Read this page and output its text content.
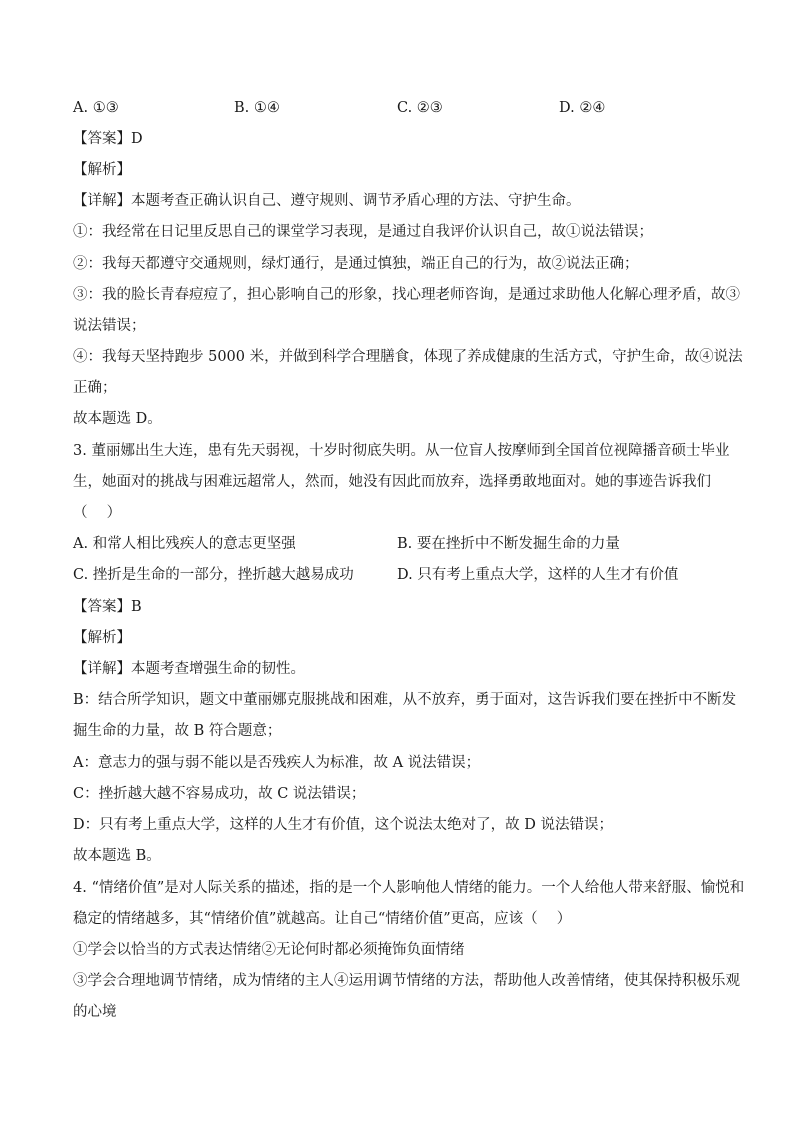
A. ①③	B. ①④	C. ②③	D. ②④
【答案】D
【解析】
【详解】本题考查正确认识自己、遵守规则、调节矛盾心理的方法、守护生命。
①：我经常在日记里反思自己的课堂学习表现，是通过自我评价认识自己，故①说法错误；
②：我每天都遵守交通规则，绿灯通行，是通过慎独，端正自己的行为，故②说法正确；
③：我的脸长青春痘痘了，担心影响自己的形象，找心理老师咨询，是通过求助他人化解心理矛盾，故③
说法错误；
④：我每天坚持跑步 5000 米，并做到科学合理膳食，体现了养成健康的生活方式，守护生命，故④说法
正确；
故本题选 D。
3. 董丽娜出生大连，患有先天弱视，十岁时彻底失明。从一位盲人按摩师到全国首位视障播音硕士毕业
生，她面对的挑战与困难远超常人，然而，她没有因此而放弃，选择勇敢地面对。她的事迹告诉我们
（　 ）
A. 和常人相比残疾人的意志更坚强	B. 要在挫折中不断发掘生命的力量
C. 挫折是生命的一部分，挫折越大越易成功	D. 只有考上重点大学，这样的人生才有价值
【答案】B
【解析】
【详解】本题考查增强生命的韧性。
B：结合所学知识，题文中董丽娜克服挑战和困难，从不放弃，勇于面对，这告诉我们要在挫折中不断发
掘生命的力量，故 B 符合题意；
A：意志力的强与弱不能以是否残疾人为标准，故 A 说法错误；
C：挫折越大越不容易成功，故 C 说法错误；
D：只有考上重点大学，这样的人生才有价值，这个说法太绝对了，故 D 说法错误；
故本题选 B。
4. “情绪价值”是对人际关系的描述，指的是一个人影响他人情绪的能力。一个人给他人带来舒服、愉悦和
稳定的情绪越多，其“情绪价值”就越高。让自己“情绪价值”更高，应该（　 ）
①学会以恰当的方式表达情绪②无论何时都必须掩饰负面情绪
③学会合理地调节情绪，成为情绪的主人④运用调节情绪的方法，帮助他人改善情绪，使其保持积极乐观
的心境
